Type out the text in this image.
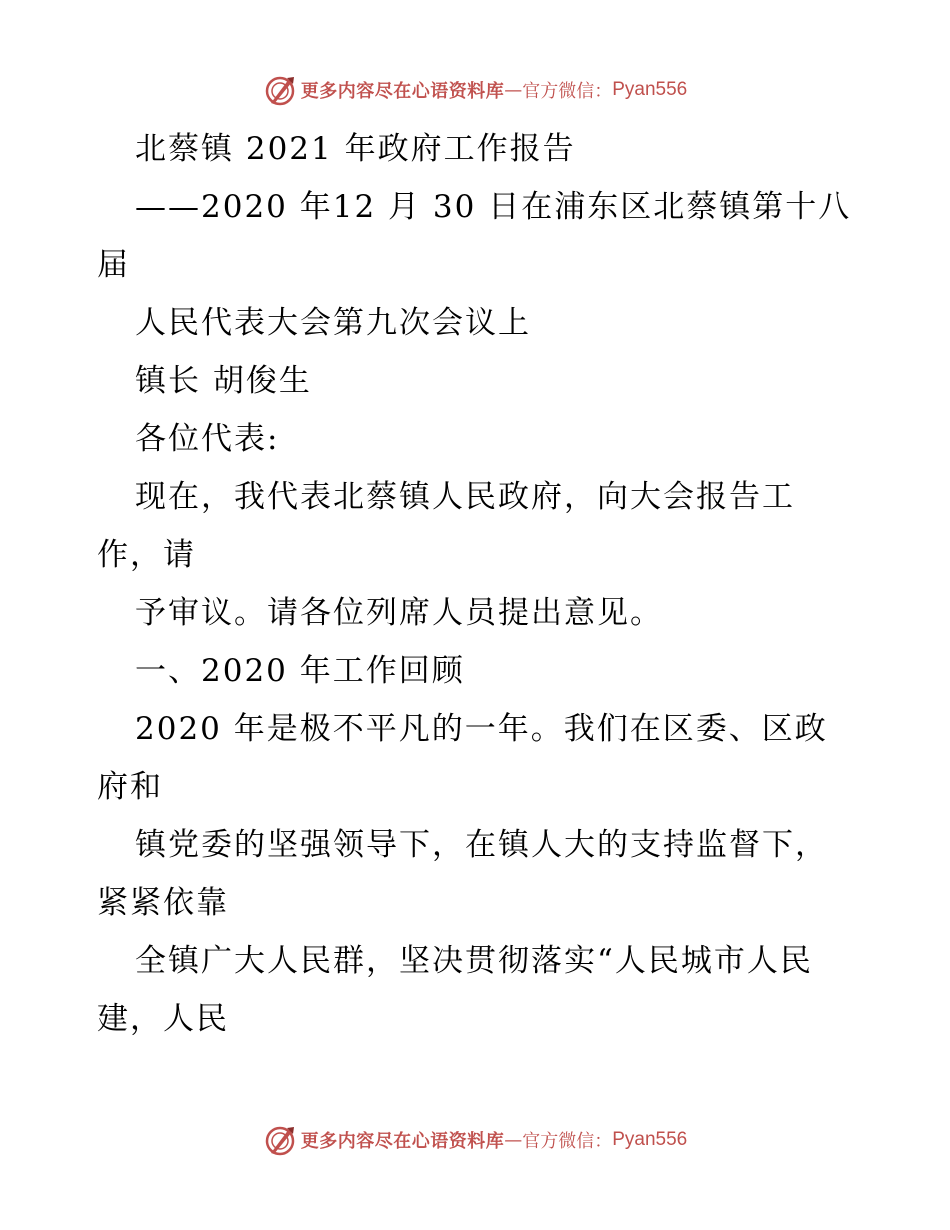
更多内容尽在心语资料库 — 官方微信： Pyan556
北蔡镇 2021 年政府工作报告
——2020 年12 月 30 日在浦东区北蔡镇第十八
届
人民代表大会第九次会议上
镇长 胡俊生
各位代表:
现在，我代表北蔡镇人民政府，向大会报告工
作，请
予审议。请各位列席人员提出意见。
一、2020 年工作回顾
2020 年是极不平凡的一年。我们在区委、区政
府和
镇党委的坚强领导下，在镇人大的支持监督下，
紧紧依靠
全镇广大人民群，坚决贯彻落实“人民城市人民
建，人民
更多内容尽在心语资料库 — 官方微信： Pyan556
